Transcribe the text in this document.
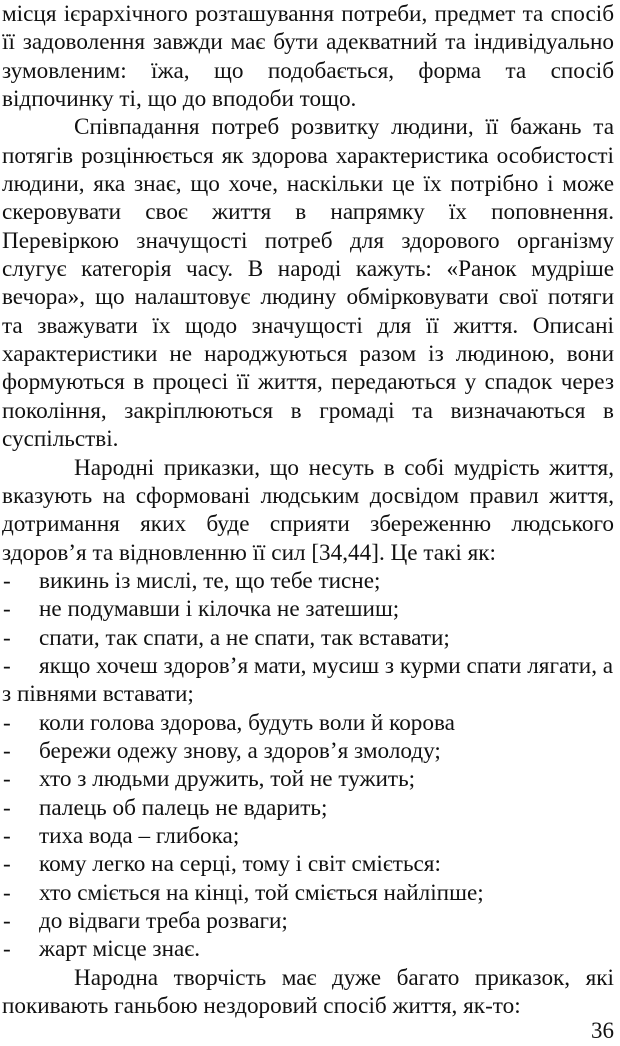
місця ієрархічного розташування потреби, предмет та спосіб її задоволення завжди має бути адекватний та індивідуально зумовленим: їжа, що подобається, форма та спосіб відпочинку ті, що до вподоби тощо.

Співпадання потреб розвитку людини, її бажань та потягів розцінюється як здорова характеристика особистості людини, яка знає, що хоче, наскільки це їх потрібно і може скеровувати своє життя в напрямку їх поповнення. Перевіркою значущості потреб для здорового організму слугує категорія часу. В народі кажуть: «Ранок мудріше вечора», що налаштовує людину обмірковувати свої потяги та зважувати їх щодо значущості для її життя. Описані характеристики не народжуються разом із людиною, вони формуються в процесі її життя, передаються у спадок через покоління, закріплюються в громаді та визначаються в суспільстві.

Народні приказки, що несуть в собі мудрість життя, вказують на сформовані людським досвідом правил життя, дотримання яких буде сприяти збереженню людського здоров’я та відновленню її сил [34,44]. Це такі як:

- викинь із мислі, те, що тебе тисне;
- не подумавши і кілочка не затешиш;
- спати, так спати, а не спати, так вставати;
- якщо хочеш здоров’я мати, мусиш з курми спати лягати, а з півнями вставати;
- коли голова здорова, будуть воли й корова
- бережи одежу знову, а здоров’я змолоду;
- хто з людьми дружить, той не тужить;
- палець об палець не вдарить;
- тиха вода – глибока;
- кому легко на серці, тому і світ сміється:
- хто сміється на кінці, той сміється найліпше;
- до відваги треба розваги;
- жарт місце знає.

Народна творчість має дуже багато приказок, які покивають ганьбою нездоровий спосіб життя, як-то:

36
